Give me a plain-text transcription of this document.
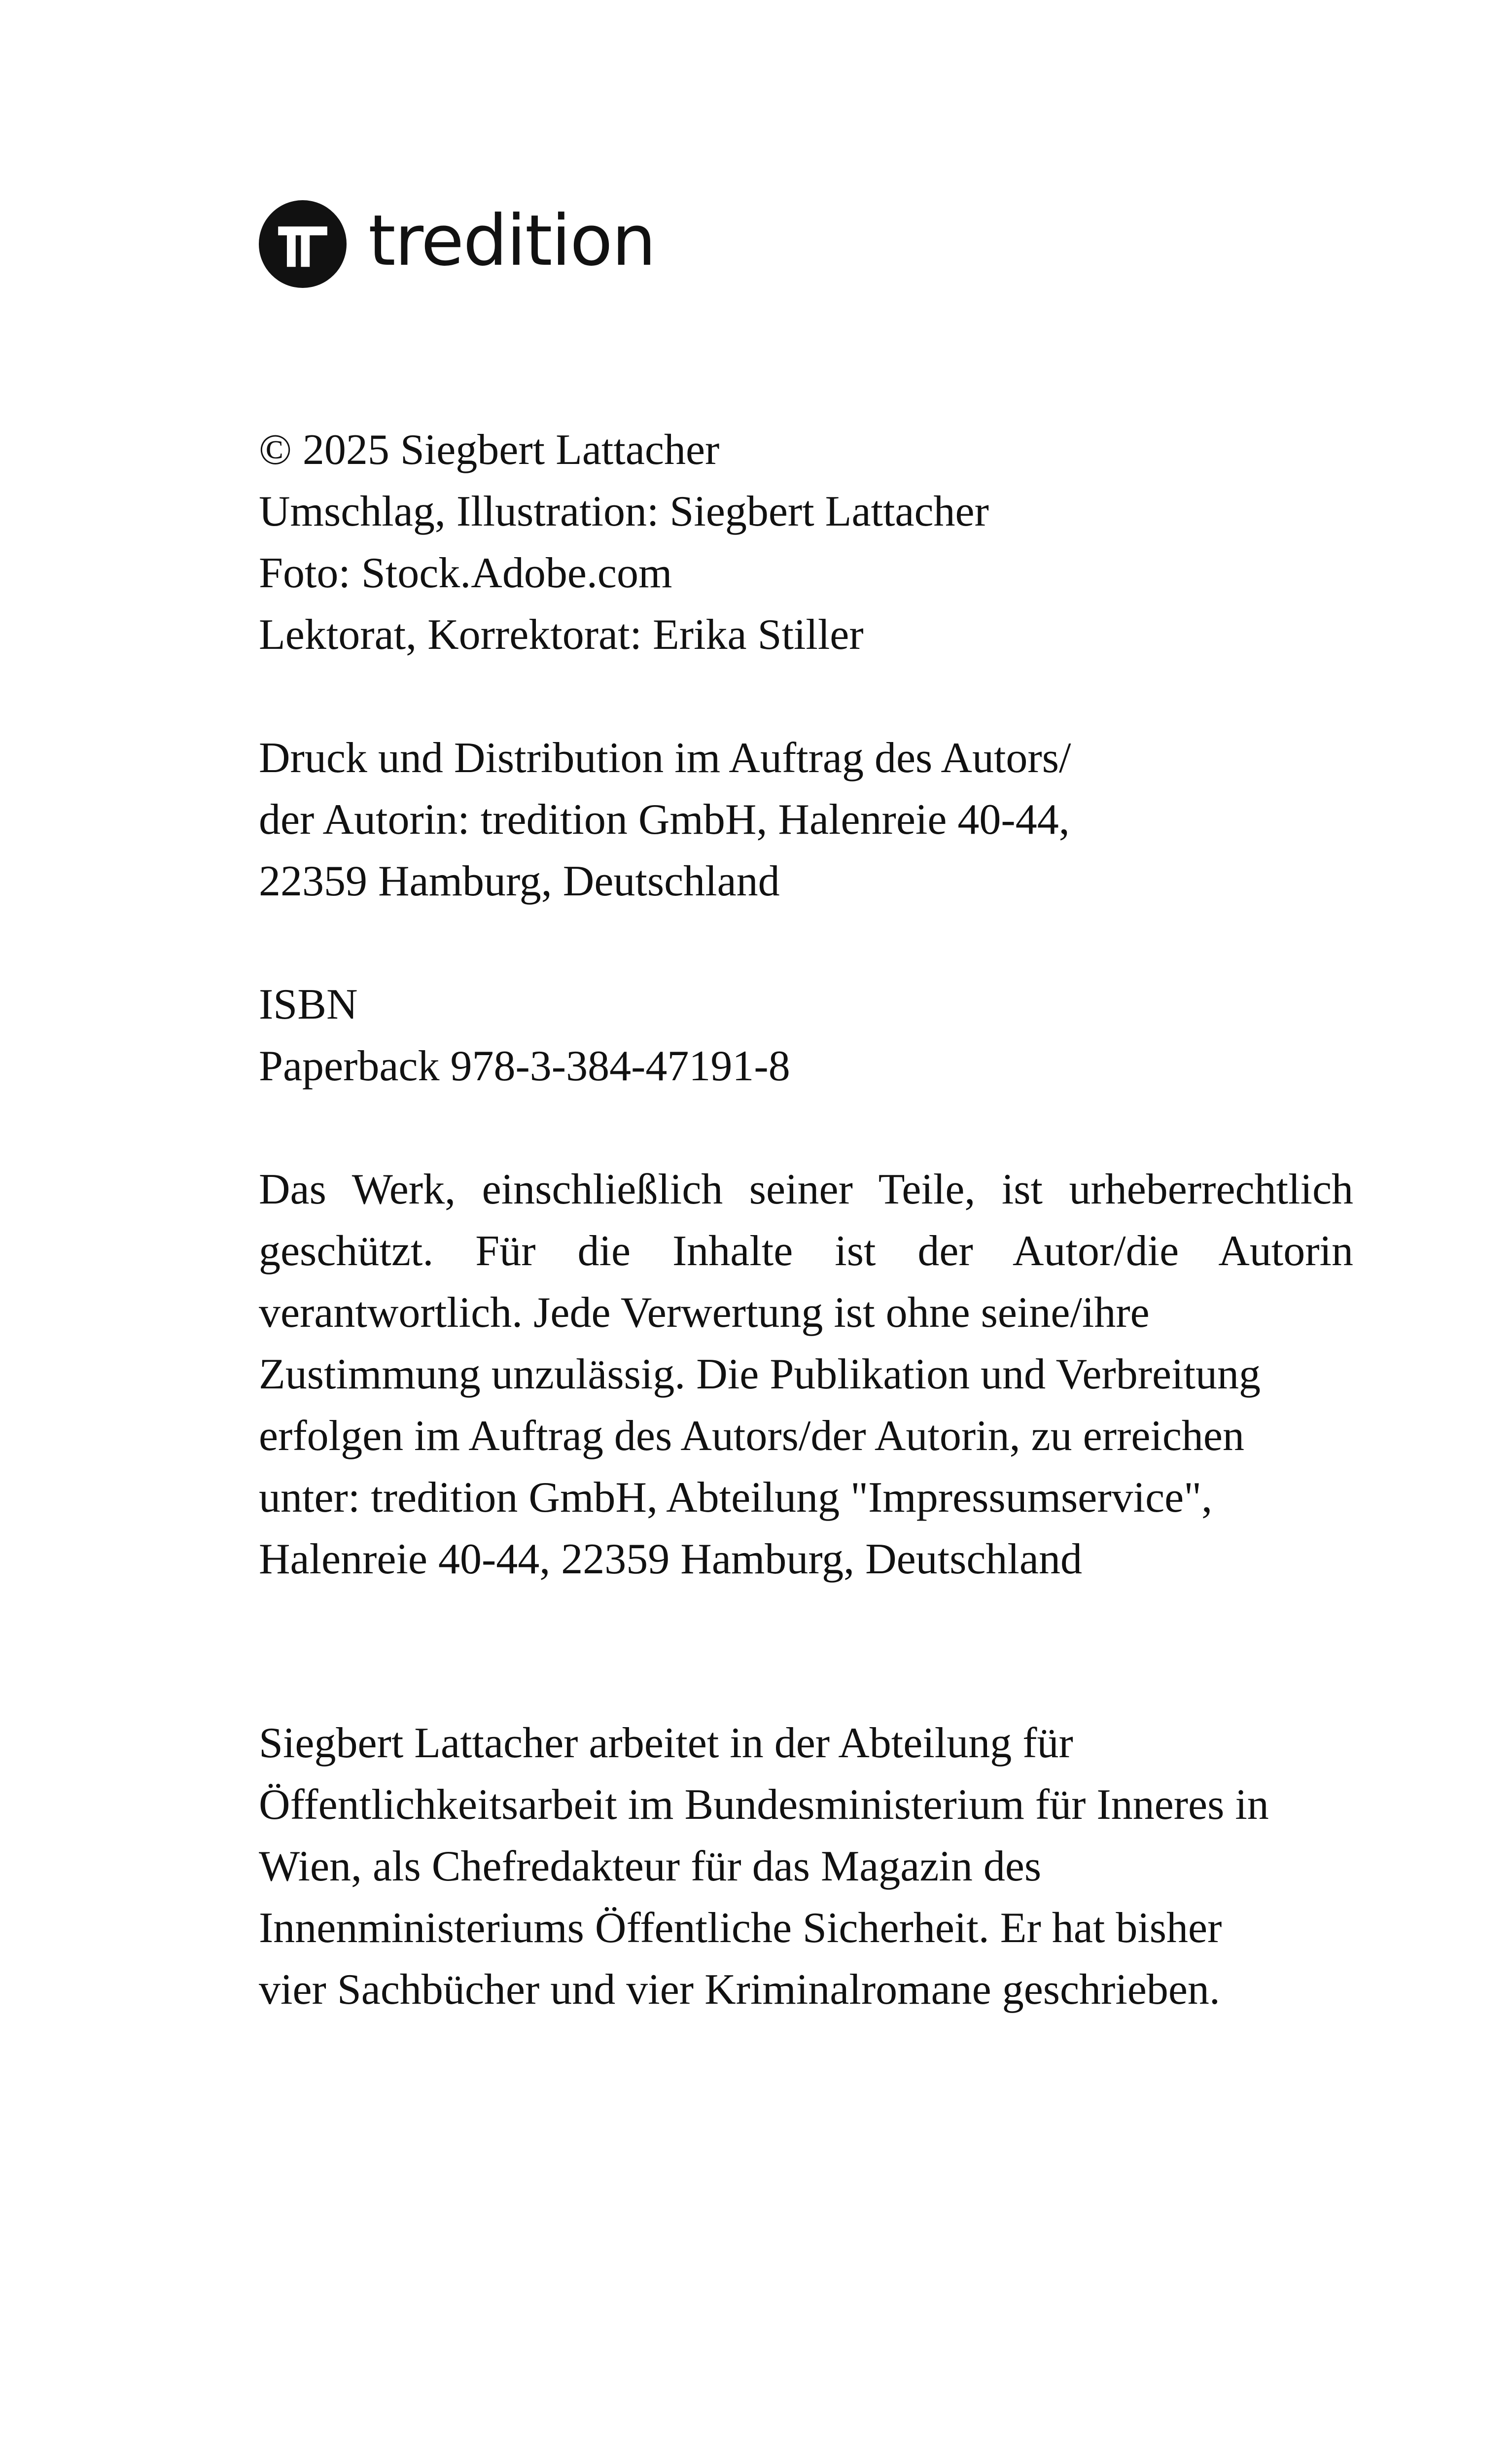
tredition
© 2025 Siegbert Lattacher
Umschlag, Illustration: Siegbert Lattacher
Foto: Stock.Adobe.com
Lektorat, Korrektorat: Erika Stiller
Druck und Distribution im Auftrag des Autors/
der Autorin: tredition GmbH, Halenreie 40-44,
22359 Hamburg, Deutschland
ISBN
Paperback 978-3-384-47191-8
Das Werk, einschließlich seiner Teile, ist urheberrechtlich
geschützt. Für die Inhalte ist der Autor/die Autorin
verantwortlich. Jede Verwertung ist ohne seine/ihre
Zustimmung unzulässig. Die Publikation und Verbreitung
erfolgen im Auftrag des Autors/der Autorin, zu erreichen
unter: tredition GmbH, Abteilung "Impressumservice",
Halenreie 40-44, 22359 Hamburg, Deutschland
Siegbert Lattacher arbeitet in der Abteilung für
Öffentlichkeitsarbeit im Bundesministerium für Inneres in
Wien, als Chefredakteur für das Magazin des
Innenministeriums Öffentliche Sicherheit. Er hat bisher
vier Sachbücher und vier Kriminalromane geschrieben.
